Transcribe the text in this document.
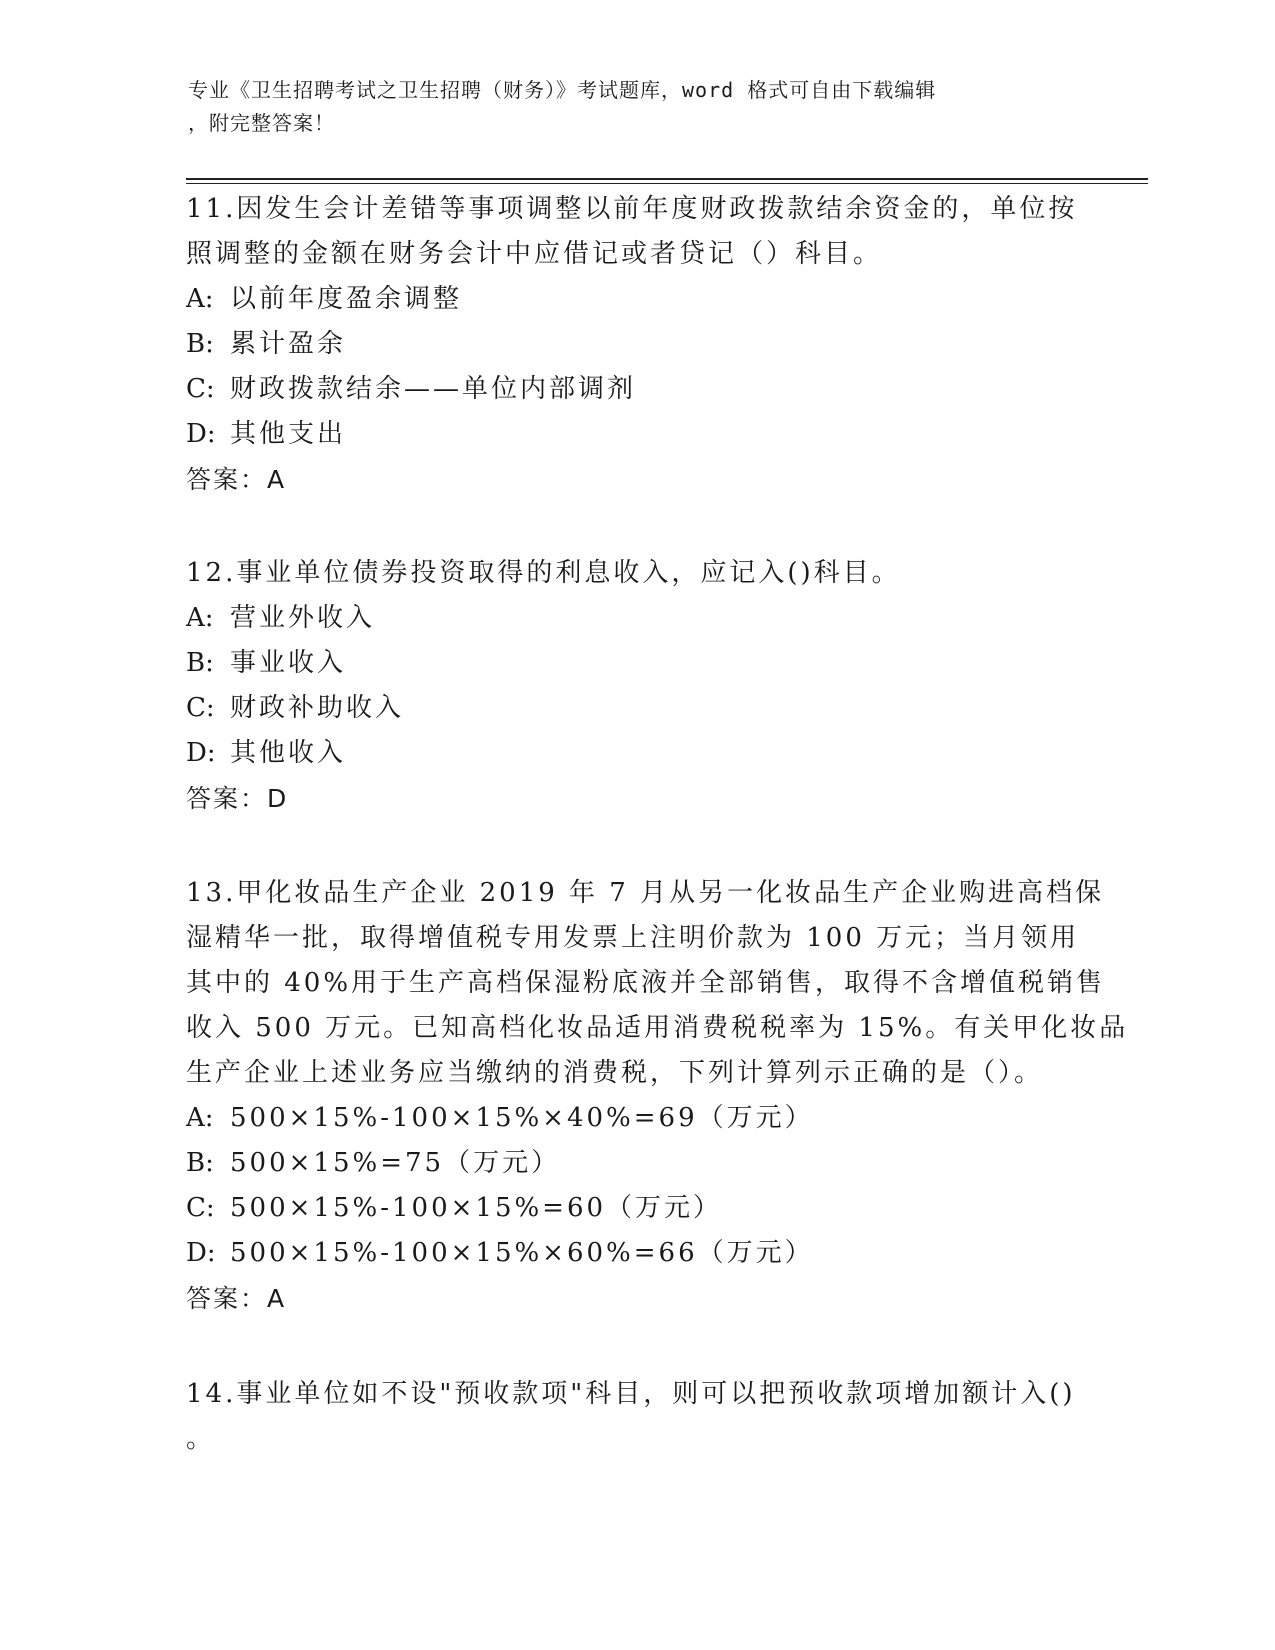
专业《卫生招聘考试之卫生招聘（财务）》考试题库，word 格式可自由下载编辑
，附完整答案！
11.因发生会计差错等事项调整以前年度财政拨款结余资金的，单位按
照调整的金额在财务会计中应借记或者贷记（）科目。
A: 以前年度盈余调整
B: 累计盈余
C: 财政拨款结余——单位内部调剂
D: 其他支出
答案：A
12.事业单位债券投资取得的利息收入，应记入()科目。
A: 营业外收入
B: 事业收入
C: 财政补助收入
D: 其他收入
答案：D
13.甲化妆品生产企业 2019 年 7 月从另一化妆品生产企业购进高档保
湿精华一批，取得增值税专用发票上注明价款为 100 万元；当月领用
其中的 40%用于生产高档保湿粉底液并全部销售，取得不含增值税销售
收入 500 万元。已知高档化妆品适用消费税税率为 15%。有关甲化妆品
生产企业上述业务应当缴纳的消费税，下列计算列示正确的是（）。
A: 500×15%-100×15%×40%=69（万元）
B: 500×15%=75（万元）
C: 500×15%-100×15%=60（万元）
D: 500×15%-100×15%×60%=66（万元）
答案：A
14.事业单位如不设"预收款项"科目，则可以把预收款项增加额计入()
。
